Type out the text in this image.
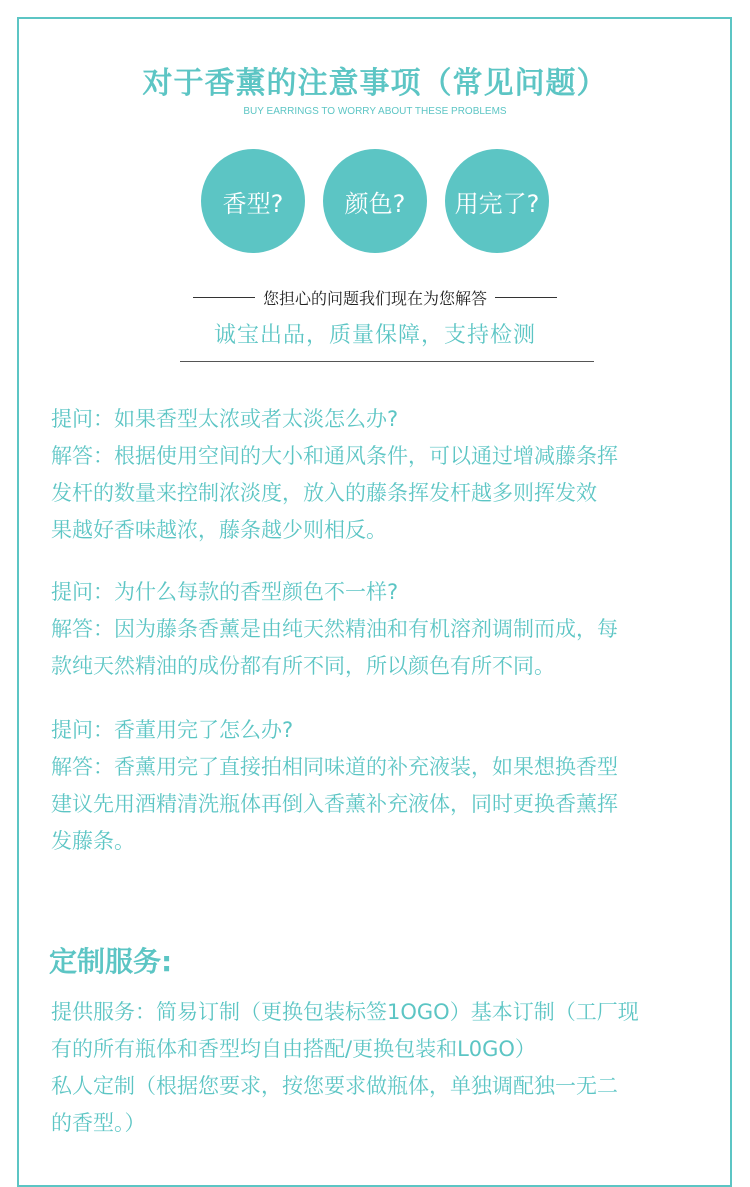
对于香薰的注意事项（常见问题）
BUY EARRINGS TO WORRY ABOUT THESE PROBLEMS
香型?	颜色?	用完了?
您担心的问题我们现在为您解答
诚宝出品，质量保障，支持检测

提问：如果香型太浓或者太淡怎么办?

解答：根据使用空间的大小和通风条件，可以通过增减藤条挥

发杆的数量来控制浓淡度，放入的藤条挥发杆越多则挥发效

果越好香味越浓，藤条越少则相反。

提问：为什么每款的香型颜色不一样?

解答：因为藤条香薰是由纯天然精油和有机溶剂调制而成，每

款纯天然精油的成份都有所不同，所以颜色有所不同。

提问：香董用完了怎么办?

解答：香薰用完了直接拍相同味道的补充液装，如果想换香型

建议先用酒精清洗瓶体再倒入香薰补充液体，同时更换香薰挥

发藤条。

定制服务:

提供服务：简易订制（更换包装标签1OGO）基本订制（工厂现

有的所有瓶体和香型均自由搭配/更换包装和L0GO）

私人定制（根据您要求，按您要求做瓶体，单独调配独一无二

的香型。）
